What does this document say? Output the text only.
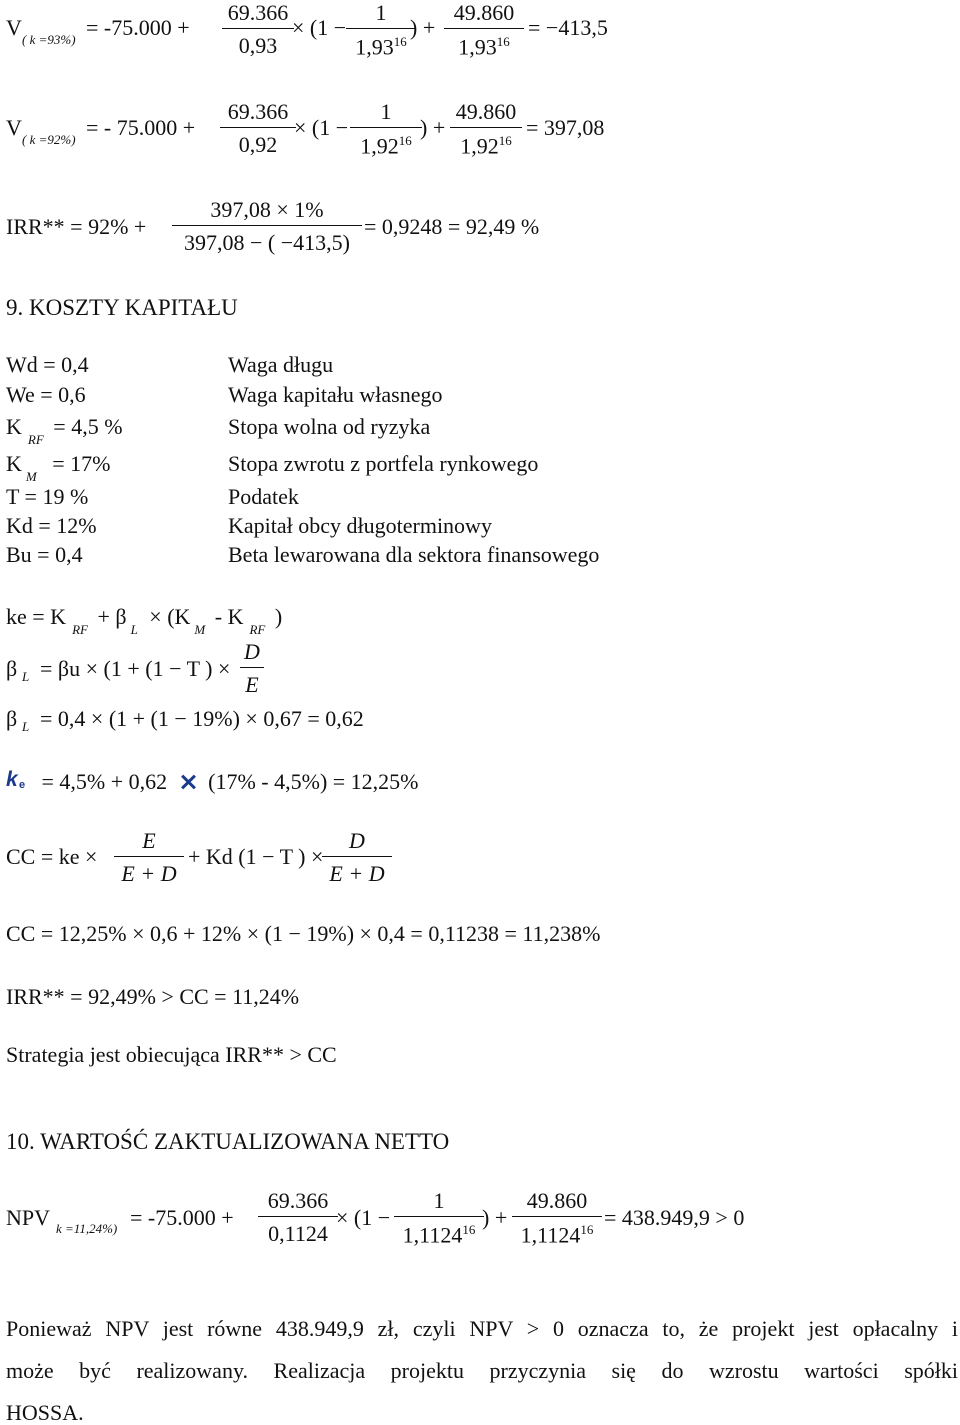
V ( k =93%) = -75.000 +
69.366
0,93
× (1 −
1
1,93$^{16}$
) +
49.860
$1,93^{16}$
= −413,5
V ( k =92%) = - 75.000 +
69.366
0,92
× (1 −
1
1,92$^{16}$
) +
49.860
$1,92^{16}$
= 397,08
IRR** = 92% +
397,08 × 1%
397,08 − ( −413,5)
= 0,9248 = 92,49 %
9. KOSZTY KAPITAŁU
Wd = 0,4	Waga długu
We = 0,6	Waga kapitału własnego
$K_{RF} = 4,5$ %	Stopa wolna od ryzyka
$K_M = 17\%$	Stopa zwrotu z portfela rynkowego
T = 19 %	Podatek
Kd = 12%	Kapitał obcy długoterminowy
Bu = 0,4	Beta lewarowana dla sektora finansowego
ke = $K_{RF} + \beta_L \times (K_M - K_{RF}$ )
β L = βu × (1 + (1 − T ) ×
D
E
β L = 0,4 × (1 + (1 − 19%) × 0,67 = 0,62
k e = 4,5% + 0,62 (17% - 4,5%) = 12,25%
CC = ke ×
E
E + D
+ Kd (1 − T ) ×
D
E + D
CC = 12,25% × 0,6 + 12% × (1 − 19%) × 0,4 = 0,11238 = 11,238%
IRR** = 92,49% > CC = 11,24%
Strategia jest obiecująca IRR** > CC
10. WARTOŚĆ ZAKTUALIZOWANA NETTO
NPV k =11,24%) = -75.000 +
69.366
0,1124
× (1 −
1
1,1124$^{16}$ ) +
49.860
$1,1124^{16} = 438.949,9 > 0$
Ponieważ NPV jest równe 438.949,9 zł, czyli NPV > 0 oznacza to, że projekt jest opłacalny i
może być realizowany. Realizacja projektu przyczynia się do wzrostu wartości spółki
HOSSA.
